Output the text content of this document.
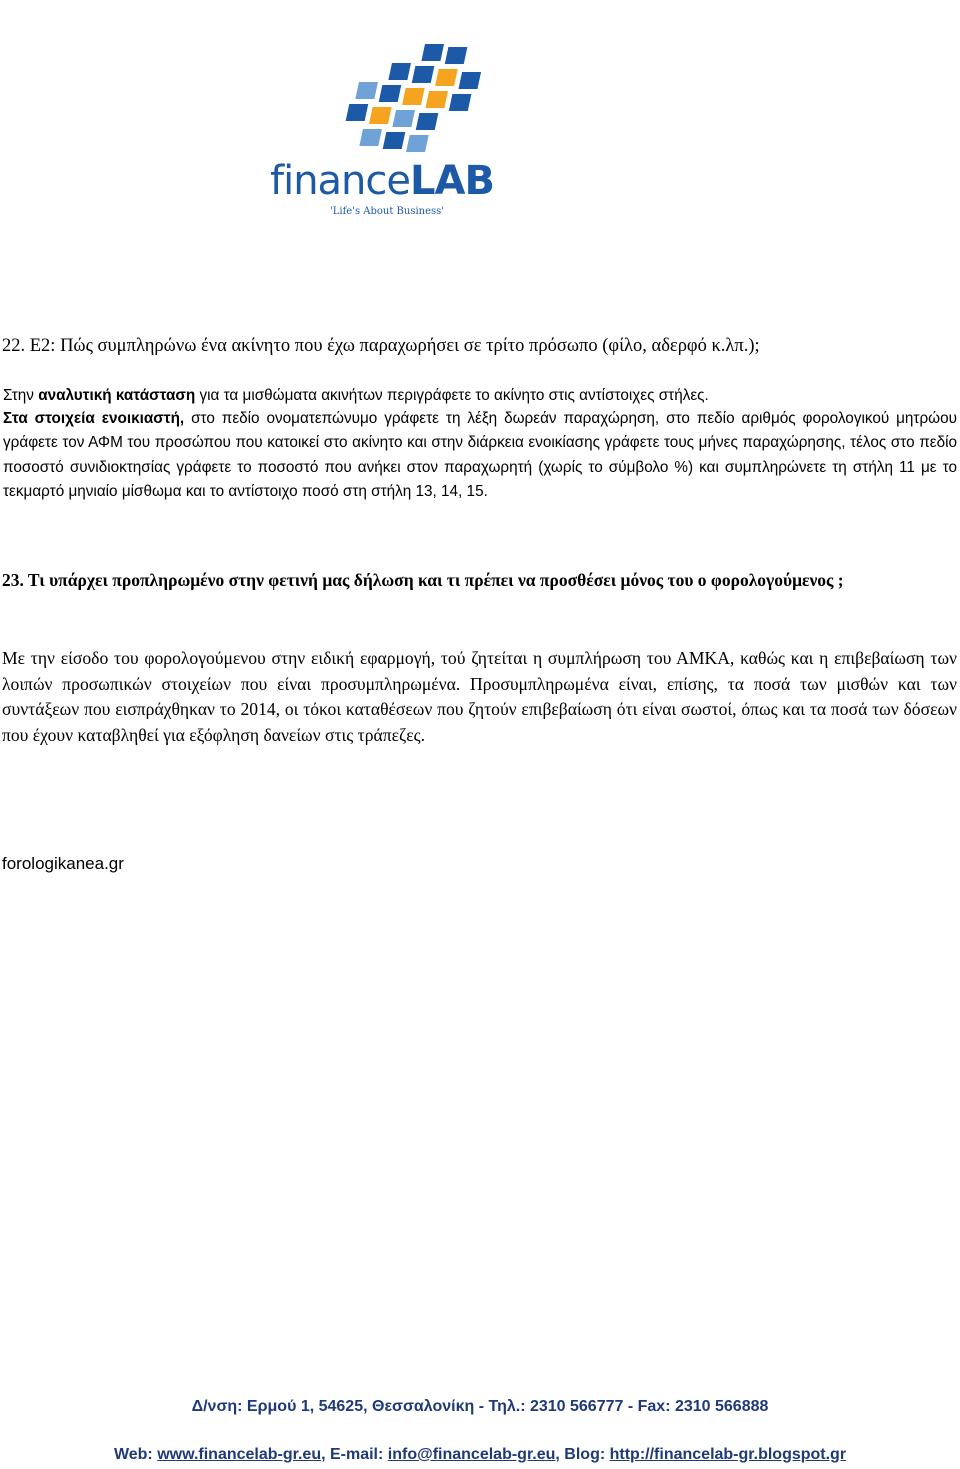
financeLAB
'Life's About Business'
22. Ε2: Πώς συμπληρώνω ένα ακίνητο που έχω παραχωρήσει σε τρίτο πρόσωπο (φίλο, αδερφό κ.λπ.);
Στην αναλυτική κατάσταση για τα μισθώματα ακινήτων περιγράφετε το ακίνητο στις αντίστοιχες στήλες.
Στα στοιχεία ενοικιαστή, στο πεδίο ονοματεπώνυμο γράφετε τη λέξη δωρεάν παραχώρηση, στο πεδίο αριθμός φορολογικού μητρώου γράφετε τον ΑΦΜ του προσώπου που κατοικεί στο ακίνητο και στην διάρκεια ενοικίασης γράφετε τους μήνες παραχώρησης, τέλος στο πεδίο ποσοστό συνιδιοκτησίας γράφετε το ποσοστό που ανήκει στον παραχωρητή (χωρίς το σύμβολο %) και συμπληρώνετε τη στήλη 11 με το τεκμαρτό μηνιαίο μίσθωμα και το αντίστοιχο ποσό στη στήλη 13, 14, 15.
23. Τι υπάρχει προπληρωμένο στην φετινή μας δήλωση και τι πρέπει να προσθέσει μόνος του ο φορολογούμενος ;
Με την είσοδο του φορολογούμενου στην ειδική εφαρμογή, τού ζητείται η συμπλήρωση του ΑΜΚΑ, καθώς και η επιβεβαίωση των λοιπών προσωπικών στοιχείων που είναι προσυμπληρωμένα. Προσυμπληρωμένα είναι, επίσης, τα ποσά των μισθών και των συντάξεων που εισπράχθηκαν το 2014, οι τόκοι καταθέσεων που ζητούν επιβεβαίωση ότι είναι σωστοί, όπως και τα ποσά των δόσεων που έχουν καταβληθεί για εξόφληση δανείων στις τράπεζες.
forologikanea.gr
Δ/νση: Ερμού 1, 54625, Θεσσαλονίκη - Τηλ.: 2310 566777 - Fax: 2310 566888
Web: www.financelab-gr.eu, E-mail: info@financelab-gr.eu, Blog: http://financelab-gr.blogspot.gr
